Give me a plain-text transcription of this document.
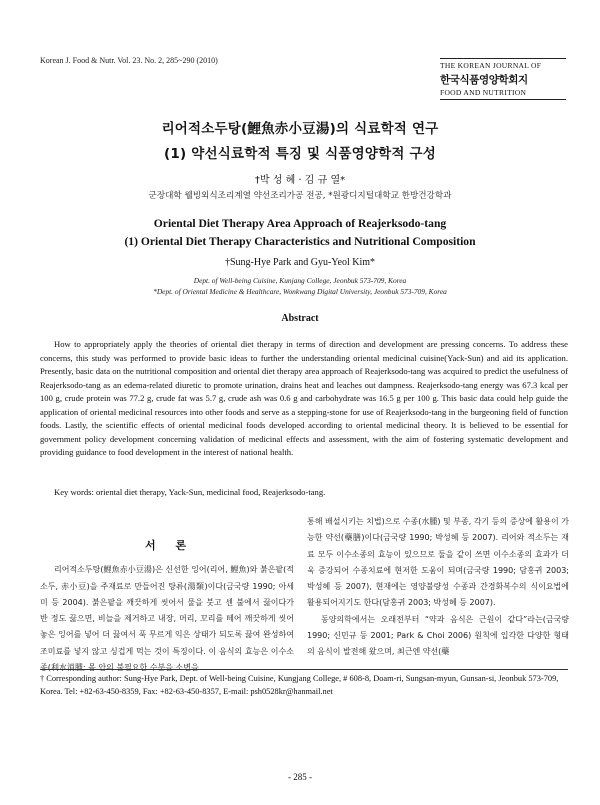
Korean J. Food & Nutr. Vol. 23. No. 2, 285~290 (2010)
THE KOREAN JOURNAL OF
한국식품영양학회지
FOOD AND NUTRITION
리어적소두탕(鯉魚赤小豆湯)의 식료학적 연구
(1) 약선식료학적 특징 및 식품영양학적 구성
†박 성 혜 · 김 규 열*
군장대학 웰빙외식조리계열 약선조리가공 전공, *원광디지털대학교 한방건강학과
Oriental Diet Therapy Area Approach of Reajerksodo-tang
(1) Oriental Diet Therapy Characteristics and Nutritional Composition
†Sung-Hye Park and Gyu-Yeol Kim*
Dept. of Well-being Cuisine, Kunjang College, Jeonbuk 573-709, Korea
*Dept. of Oriental Medicine & Healthcare, Wonkwang Digital University, Jeonbuk 573-709, Korea
Abstract

How to appropriately apply the theories of oriental diet therapy in terms of direction and development are pressing concerns. To address these concerns, this study was performed to provide basic ideas to further the understanding oriental medicinal cuisine(Yack-Sun) and aid its application. Presently, basic data on the nutritional composition and oriental diet therapy area approach of Reajerksodo-tang was acquired to predict the usefulness of Reajerksodo-tang as an edema-related diuretic to promote urination, drains heat and leaches out dampness. Reajerksodo-tang energy was 67.3 kcal per 100 g, crude protein was 77.2 g, crude fat was 5.7 g, crude ash was 0.6 g and carbohydrate was 16.5 g per 100 g. This basic data could help guide the application of oriental medicinal resources into other foods and serve as a stepping-stone for use of Reajerksodo-tang in the burgeoning field of function foods. Lastly, the scientific effects of oriental medicinal foods developed according to oriental medicinal theory. It is believed to be essential for government policy development concerning validation of medicinal effects and assessment, with the aim of fostering systematic development and providing guidance to food development in the interest of national health.

Key words: oriental diet therapy, Yack-Sun, medicinal food, Reajerksodo-tang.
서 론

리어적소두탕(鯉魚赤小豆湯)은 신선한 잉어(리어, 鯉魚)와 붉은팥(적소두, 赤小豆)을 주재료로 만들어진 탕류(湯類)이다(금국량 1990; 아세미 등 2004). 붉은팥을 깨끗하게 씻어서 물을 붓고 센 불에서 끓이다가 반 정도 끓으면, 비늘을 제거하고 내장, 머리, 꼬리를 떼어 깨끗하게 씻어 놓은 잉어를 넣어 더 끓여서 푹 무르게 익은 상태가 되도록 끓여 완성하여 조미료를 넣지 않고 싱겁게 먹는 것이 특징이다. 이 음식의 효능은 이수소종(利水消腫; 몸 안의 불필요한 수분을 소변을

통해 배설시키는 치법)으로 수종(水腫) 및 부종, 각기 등의 증상에 활용이 가능한 약선(藥膳)이다(금국량 1990; 박성혜 등 2007). 리어와 적소두는 재료 모두 이수소종의 효능이 있으므로 둘을 같이 쓰면 이수소종의 효과가 더욱 증강되어 수종치료에 현저한 도움이 되며(금국량 1990; 담홍귀 2003; 박성혜 등 2007), 현재에는 영양불량성 수종과 간경화복수의 식이요법에 활용되어지기도 한다(담홍귀 2003; 박성혜 등 2007).

동양의학에서는 오래전부터 “약과 음식은 근원이 같다”라는(금국량 1990; 신민규 등 2001; Park & Choi 2006) 원칙에 입각한 다양한 형태의 음식이 발전해 왔으며, 최근엔 약선(藥

† Corresponding author: Sung-Hye Park, Dept. of Well-being Cuisine, Kungjang College, # 608-8, Doam-ri, Sungsan-myun, Gunsan-si, Jeonbuk 573-709, Korea. Tel: +82-63-450-8359, Fax: +82-63-450-8357, E-mail: psh0528kr@hanmail.net

- 285 -
